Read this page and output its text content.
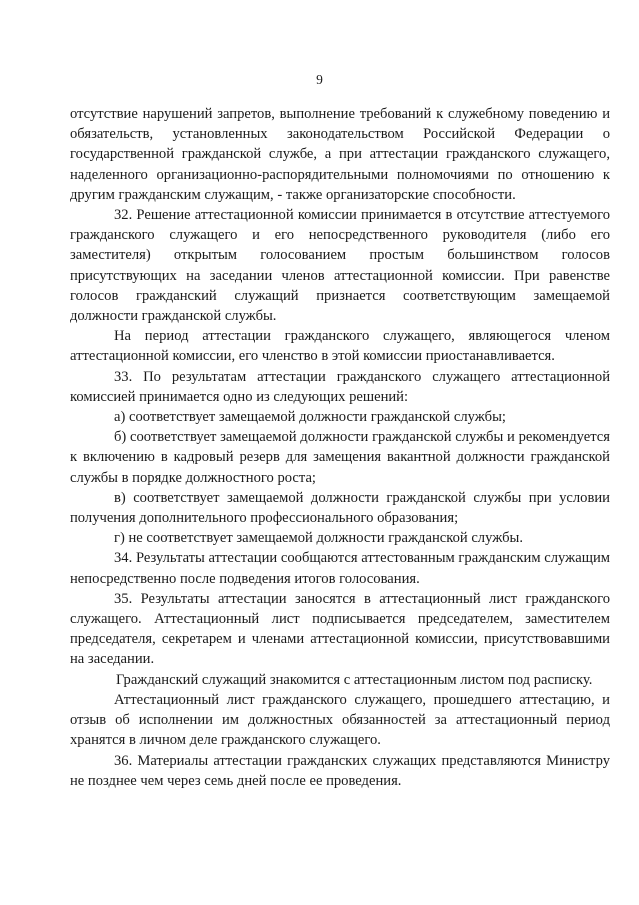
9

отсутствие нарушений запретов, выполнение требований к служебному поведению и обязательств, установленных законодательством Российской Федерации о государственной гражданской службе, а при аттестации гражданского служащего, наделенного организационно-распорядительными полномочиями по отношению к другим гражданским служащим, - также организаторские способности.

32. Решение аттестационной комиссии принимается в отсутствие аттестуемого гражданского служащего и его непосредственного руководителя (либо его заместителя) открытым голосованием простым большинством голосов присутствующих на заседании членов аттестационной комиссии. При равенстве голосов гражданский служащий признается соответствующим замещаемой должности гражданской службы.

На период аттестации гражданского служащего, являющегося членом аттестационной комиссии, его членство в этой комиссии приостанавливается.

33. По результатам аттестации гражданского служащего аттестационной комиссией принимается одно из следующих решений:

а) соответствует замещаемой должности гражданской службы;

б) соответствует замещаемой должности гражданской службы и рекомендуется к включению в кадровый резерв для замещения вакантной должности гражданской службы в порядке должностного роста;

в) соответствует замещаемой должности гражданской службы при условии получения дополнительного профессионального образования;

г) не соответствует замещаемой должности гражданской службы.

34. Результаты аттестации сообщаются аттестованным гражданским служащим непосредственно после подведения итогов голосования.

35. Результаты аттестации заносятся в аттестационный лист гражданского служащего. Аттестационный лист подписывается председателем, заместителем председателя, секретарем и членами аттестационной комиссии, присутствовавшими на заседании.

Гражданский служащий знакомится с аттестационным листом под расписку.

Аттестационный лист гражданского служащего, прошедшего аттестацию, и отзыв об исполнении им должностных обязанностей за аттестационный период хранятся в личном деле гражданского служащего.

36. Материалы аттестации гражданских служащих представляются Министру не позднее чем через семь дней после ее проведения.
